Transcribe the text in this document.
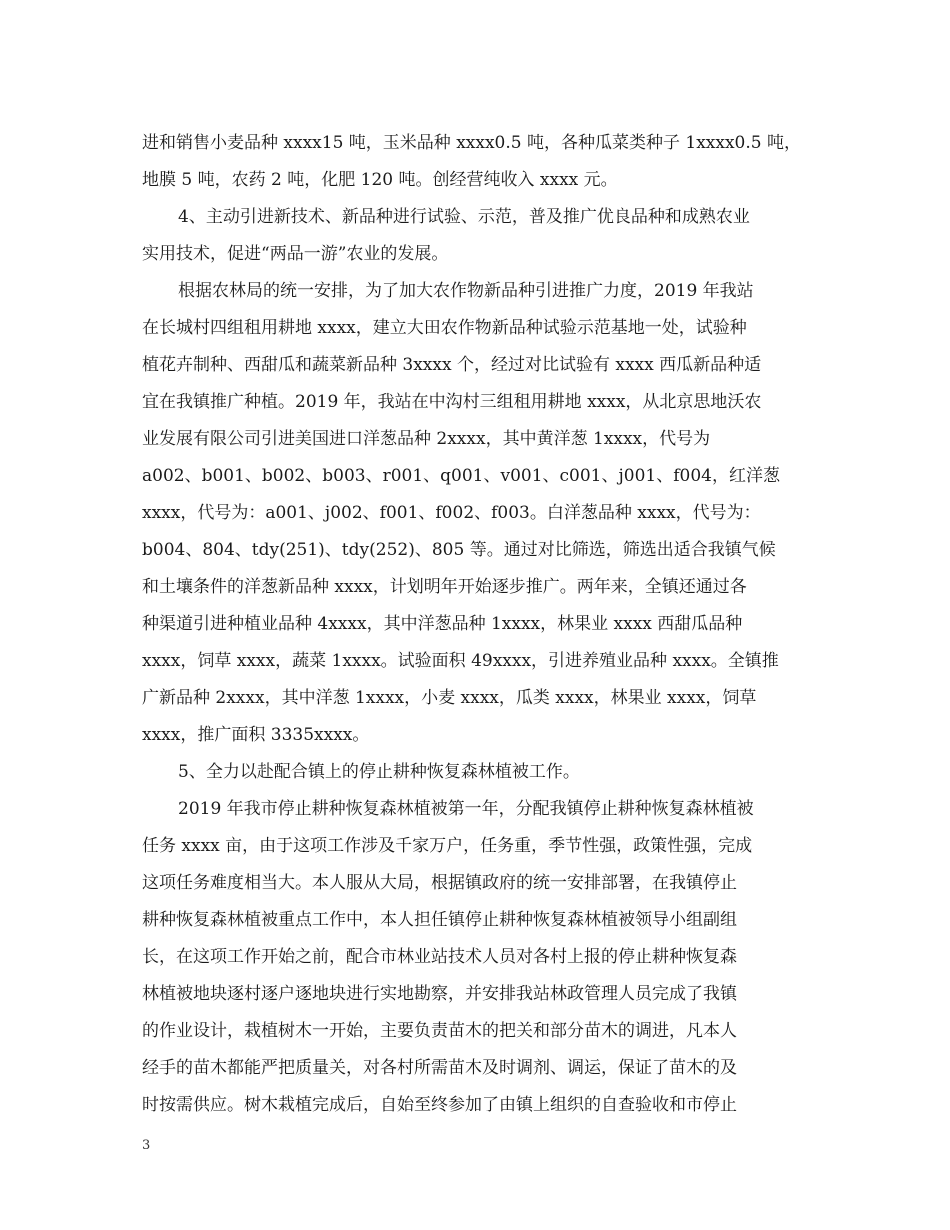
进和销售小麦品种 xxxx15 吨，玉米品种 xxxx0.5 吨，各种瓜菜类种子 1xxxx0.5 吨，
地膜 5 吨，农药 2 吨，化肥 120 吨。创经营纯收入 xxxx 元。
4、主动引进新技术、新品种进行试验、示范，普及推广优良品种和成熟农业
实用技术，促进“两品一游”农业的发展。
根据农林局的统一安排，为了加大农作物新品种引进推广力度，2019 年我站
在长城村四组租用耕地 xxxx，建立大田农作物新品种试验示范基地一处，试验种
植花卉制种、西甜瓜和蔬菜新品种 3xxxx 个，经过对比试验有 xxxx 西瓜新品种适
宜在我镇推广种植。2019 年，我站在中沟村三组租用耕地 xxxx，从北京思地沃农
业发展有限公司引进美国进口洋葱品种 2xxxx，其中黄洋葱 1xxxx，代号为
a002、b001、b002、b003、r001、q001、v001、c001、j001、f004，红洋葱
xxxx，代号为：a001、j002、f001、f002、f003。白洋葱品种 xxxx，代号为：
b004、804、tdy(251)、tdy(252)、805 等。通过对比筛选，筛选出适合我镇气候
和土壤条件的洋葱新品种 xxxx，计划明年开始逐步推广。两年来，全镇还通过各
种渠道引进种植业品种 4xxxx，其中洋葱品种 1xxxx，林果业 xxxx 西甜瓜品种
xxxx，饲草 xxxx，蔬菜 1xxxx。试验面积 49xxxx，引进养殖业品种 xxxx。全镇推
广新品种 2xxxx，其中洋葱 1xxxx，小麦 xxxx，瓜类 xxxx，林果业 xxxx，饲草
xxxx，推广面积 3335xxxx。
5、全力以赴配合镇上的停止耕种恢复森林植被工作。
2019 年我市停止耕种恢复森林植被第一年，分配我镇停止耕种恢复森林植被
任务 xxxx 亩，由于这项工作涉及千家万户，任务重，季节性强，政策性强，完成
这项任务难度相当大。本人服从大局，根据镇政府的统一安排部署，在我镇停止
耕种恢复森林植被重点工作中，本人担任镇停止耕种恢复森林植被领导小组副组
长，在这项工作开始之前，配合市林业站技术人员对各村上报的停止耕种恢复森
林植被地块逐村逐户逐地块进行实地勘察，并安排我站林政管理人员完成了我镇
的作业设计，栽植树木一开始，主要负责苗木的把关和部分苗木的调进，凡本人
经手的苗木都能严把质量关，对各村所需苗木及时调剂、调运，保证了苗木的及
时按需供应。树木栽植完成后，自始至终参加了由镇上组织的自查验收和市停止
3
